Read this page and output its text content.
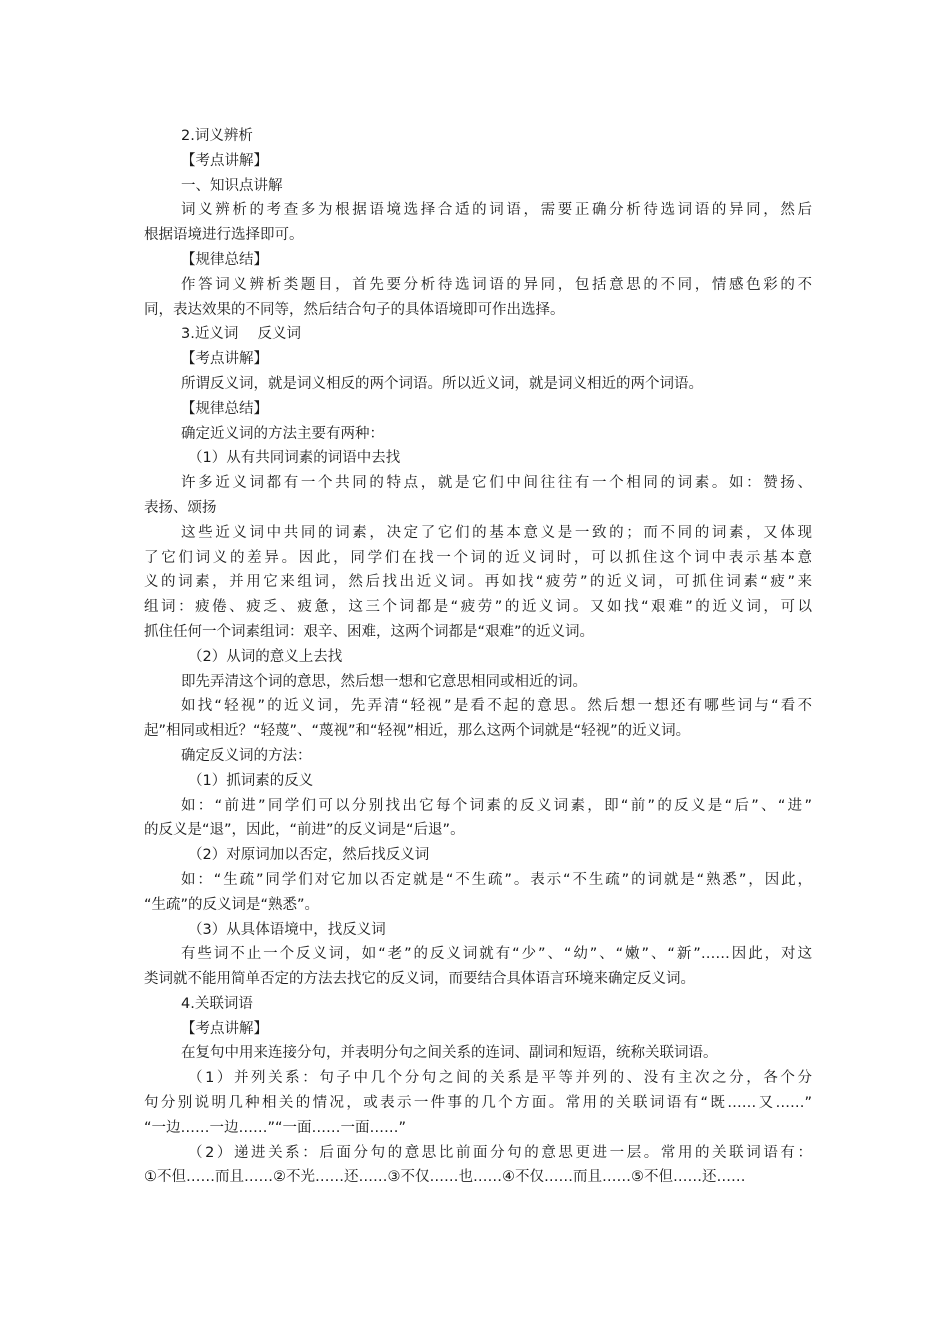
2.词义辨析
【考点讲解】
一、知识点讲解
词义辨析的考查多为根据语境选择合适的词语，需要正确分析待选词语的异同，然后
根据语境进行选择即可。
【规律总结】
作答词义辨析类题目，首先要分析待选词语的异同，包括意思的不同，情感色彩的不
同，表达效果的不同等，然后结合句子的具体语境即可作出选择。
3.近义词　 反义词
【考点讲解】
所谓反义词，就是词义相反的两个词语。所以近义词，就是词义相近的两个词语。
【规律总结】
确定近义词的方法主要有两种：
（1）从有共同词素的词语中去找
许多近义词都有一个共同的特点，就是它们中间往往有一个相同的词素。如：赞扬、
表扬、颂扬
这些近义词中共同的词素，决定了它们的基本意义是一致的；而不同的词素，又体现
了它们词义的差异。因此，同学们在找一个词的近义词时，可以抓住这个词中表示基本意
义的词素，并用它来组词，然后找出近义词。再如找“疲劳”的近义词，可抓住词素“疲”来
组词：疲倦、疲乏、疲惫，这三个词都是“疲劳”的近义词。又如找“艰难”的近义词，可以
抓住任何一个词素组词：艰辛、困难，这两个词都是“艰难”的近义词。
（2）从词的意义上去找
即先弄清这个词的意思，然后想一想和它意思相同或相近的词。
如找“轻视”的近义词，先弄清“轻视”是看不起的意思。然后想一想还有哪些词与“看不
起”相同或相近？“轻蔑”、“蔑视”和“轻视”相近，那么这两个词就是“轻视”的近义词。
确定反义词的方法：
（1）抓词素的反义
如：“前进”同学们可以分别找出它每个词素的反义词素，即“前”的反义是“后”、“进”
的反义是“退”，因此，“前进”的反义词是“后退”。
（2）对原词加以否定，然后找反义词
如：“生疏”同学们对它加以否定就是“不生疏”。表示“不生疏”的词就是“熟悉”，因此，
“生疏”的反义词是“熟悉”。
（3）从具体语境中，找反义词
有些词不止一个反义词，如“老”的反义词就有“少”、“幼”、“嫩”、“新”……因此，对这
类词就不能用简单否定的方法去找它的反义词，而要结合具体语言环境来确定反义词。
4.关联词语
【考点讲解】
在复句中用来连接分句，并表明分句之间关系的连词、副词和短语，统称关联词语。
（1）并列关系：句子中几个分句之间的关系是平等并列的、没有主次之分，各个分
句分别说明几种相关的情况，或表示一件事的几个方面。常用的关联词语有“既……又……”
“一边……一边……”“一面……一面……”
（2）递进关系：后面分句的意思比前面分句的意思更进一层。常用的关联词语有：
①不但……而且……②不光……还……③不仅……也……④不仅……而且……⑤不但……还……
